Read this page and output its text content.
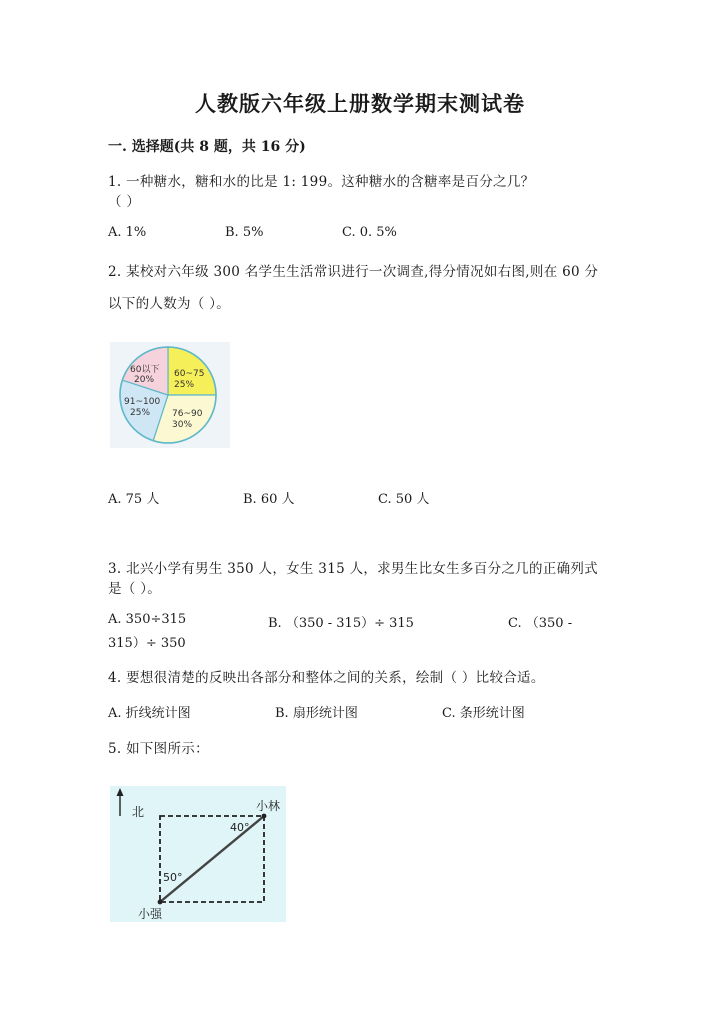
人教版六年级上册数学期末测试卷
一. 选择题(共 8 题，共 16 分)
1. 一种糖水，糖和水的比是 1: 199。这种糖水的含糖率是百分之几？
（ ）
A. 1%	B. 5%	C. 0. 5%
2. 某校对六年级 300 名学生生活常识进行一次调查,得分情况如右图,则在 60 分
以下的人数为（ ）。
60以下
20%
60~75
25%
76~90
30%
91~100
25%
A. 75 人	B. 60 人	C. 50 人
3. 北兴小学有男生 350 人，女生 315 人，求男生比女生多百分之几的正确列式
是（ ）。
A. 350÷315	B. （350 - 315）÷ 315	C. （350 -
315）÷ 350
4. 要想很清楚的反映出各部分和整体之间的关系，绘制（ ）比较合适。
A. 折线统计图	B. 扇形统计图	C. 条形统计图
5. 如下图所示：
北	小林
40°
50°
小强
